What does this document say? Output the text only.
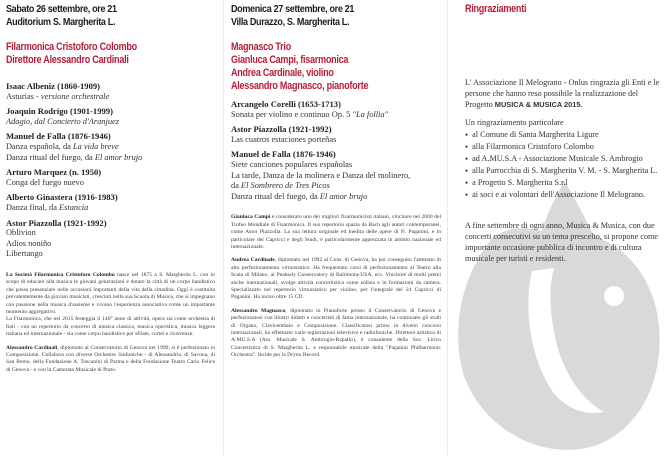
Sabato 26 settembre, ore 21
Auditorium S. Margherita L.
Filarmonica Cristoforo Colombo
Direttore Alessandro Cardinali
Isaac Albeniz (1860-1909)
Asturias - versione orchestrale
Joaquin Rodrigo (1901-1999)
Adagio, dal Concierto d'Aranjuez
Manuel de Falla (1876-1946)
Danza española, da La vida breve
Danza ritual del fuego, da El amor brujo
Arturo Marquez (n. 1950)
Conga del fuego nuevo
Alberto Ginastera (1916-1983)
Danza final, da Estancia
Astor Piazzolla (1921-1992)
Oblivion
Adios noniño
Libertango

La Società Filarmonica Cristoforo Colombo nasce nel 1875 a S. Margherita L. con lo scopo di educare alla musica le giovani generazioni e dotare la città di un corpo bandistico che possa presenziare nelle occasioni importanti della vita della cittadina. Oggi è costituita prevalentemente da giovani musicisti, cresciuti nella sua Scuola di Musica, che si impegnano con passione nella musica d'assieme e vivono l'esperienza associativa come un importante momento aggregativo.
La Filarmonica, che nel 2015 festeggia il 140° anno di attività, opera sia come orchestra di fiati - con un repertorio da concerto di musica classica, musica operistica, musica leggera italiana ed internazionale - sia come corpo bandistico per sfilate, cortei e ricorrenze.

Alessandro Cardinali, diplomato al Conservatorio di Genova nel 1999, si è perfezionato in Composizione. Collabora con diverse Orchestre Sinfoniche - di Alessandria, di Savona, di San Remo, della Fondazione A. Toscanini di Parma e della Fondazione Teatro Carlo Felice di Genova - e con la Camerata Musicale di Prato.

Domenica 27 settembre, ore 21
Villa Durazzo, S. Margherita L.
Magnasco Trio
Gianluca Campi, fisarmonica
Andrea Cardinale, violino
Alessandro Magnasco, pianoforte
Arcangelo Corelli (1653-1713)
Sonata per violino e continuo Op. 5 "La follia"
Astor Piazzolla (1921-1992)
Las cuatros estaciones porteñas
Manuel de Falla (1876-1946)
Siete canciones populares españolas
La tarde, Danza de la molinera e Danza del molinero,
da El Sombrero de Tres Picos
Danza ritual del fuego, da El amor brujo

Gianluca Campi è considerato uno dei migliori fisarmonicisti italiani, vincitore nel 2000 del Trofeo Mondiale di Fisarmonica. Il suo repertorio spazia da Bach agli autori contemporanei, come Astor Piazzolla. La sua lettura originale ed inedita delle opere di N. Paganini, e in particolare dei Capricci e degli Studi, è particolarmente apprezzata in ambito nazionale ed internazionale.

Andrea Cardinale, diplomato nel 1992 al Cons. di Genova, ha poi conseguito l'attestato di alto perfezionamento virtuosistico. Ha frequentato corsi di perfezionamento al Teatro alla Scala di Milano, al Peabody Conservatory di Baltimora-USA, ecc. Vincitore di molti premi anche internazionali, svolge attività concertistica come solista e in formazioni da camera. Specializzato nel repertorio virtuosistico per violino, per l'integrale dei 24 Capricci di Paganini. Ha inciso oltre 15 CD.

Alessandro Magnasco, diplomato in Pianoforte presso il Conservatorio di Genova e perfezionatosi con illustri didatti e concertisti di fama internazionale, ha continuato gli studi di Organo, Clavicembalo e Composizione. Classificatosi primo in diversi concorsi internazionali, ha effettuato varie registrazioni televisive e radiofoniche. Direttore artistico di A.MU.S.A (Ass. Musicale S. Ambrogio-Rapallo), è consulente della Soc. Lirico Concertistica di S. Margherita L. e responsabile musicale della "Paganini Philharmonic Orchestra". Incide per la Dryno Record.

Ringraziamenti
L' Associazione Il Melograno - Onlus ringrazia gli Enti e le persone che hanno reso possibile la realizzazione del Progetto MUSICA & MUSICA 2015.
Un ringraziamento particolare
• al Comune di Santa Margherita Ligure
• alla Filarmonica Cristoforo Colombo
• ad A.MU.S.A - Associazione Musicale S. Ambrogio
• alla Parrocchia di S. Margherita V. M. - S. Margherita L.
• a Progetto S. Margherita S.r.l
• ai soci e ai volontari dell'Associazione Il Melograno.
A fine settembre di ogni anno, Musica & Musica, con due concerti consecutivi su un tema prescelto, si propone come importante occasione pubblica di incontro e di cultura musicale per turisti e residenti.
